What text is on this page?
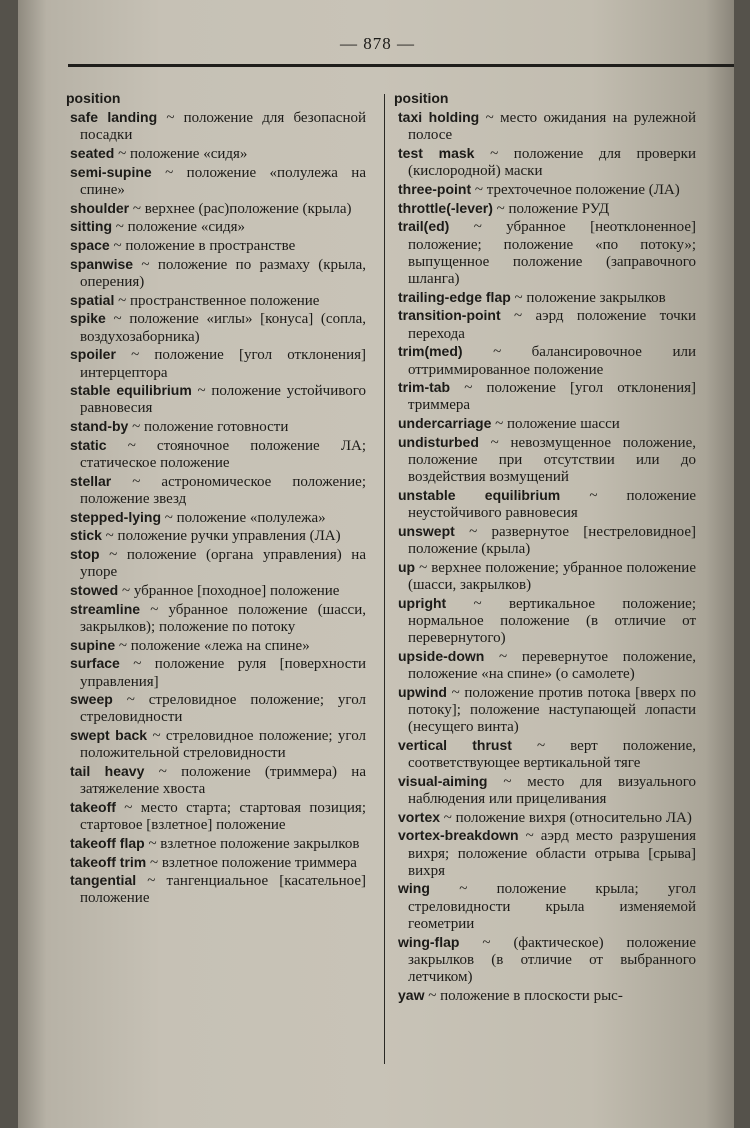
— 878 —
position
safe landing ~ положение для безопасной посадки
seated ~ положение «сидя»
semi-supine ~ положение «полулежа на спине»
shoulder ~ верхнее (рас)положение (крыла)
sitting ~ положение «сидя»
space ~ положение в пространстве
spanwise ~ положение по размаху (крыла, оперения)
spatial ~ пространственное положение
spike ~ положение «иглы» [конуса] (сопла, воздухозаборника)
spoiler ~ положение [угол отклонения] интерцептора
stable equilibrium ~ положение устойчивого равновесия
stand-by ~ положение готовности
static ~ стояночное положение ЛА; статическое положение
stellar ~ астрономическое положение; положение звезд
stepped-lying ~ положение «полулежа»
stick ~ положение ручки управления (ЛА)
stop ~ положение (органа управления) на упоре
stowed ~ убранное [походное] положение
streamline ~ убранное положение (шасси, закрылков); положение по потоку
supine ~ положение «лежа на спине»
surface ~ положение руля [поверхности управления]
sweep ~ стреловидное положение; угол стреловидности
swept back ~ стреловидное положение; угол положительной стреловидности
tail heavy ~ положение (триммера) на затяжеление хвоста
takeoff ~ место старта; стартовая позиция; стартовое [взлетное] положение
takeoff flap ~ взлетное положение закрылков
takeoff trim ~ взлетное положение триммера
tangential ~ тангенциальное [касательное] положение
position
taxi holding ~ место ожидания на рулежной полосе
test mask ~ положение для проверки (кислородной) маски
three-point ~ трехточечное положение (ЛА)
throttle(-lever) ~ положение РУД
trail(ed) ~ убранное [неотклоненное] положение; положение «по потоку»; выпущенное положение (заправочного шланга)
trailing-edge flap ~ положение закрылков
transition-point ~ аэрд положение точки перехода
trim(med) ~ балансировочное или оттриммированное положение
trim-tab ~ положение [угол отклонения] триммера
undercarriage ~ положение шасси
undisturbed ~ невозмущенное положение, положение при отсутствии или до воздействия возмущений
unstable equilibrium ~ положение неустойчивого равновесия
unswept ~ развернутое [нестреловидное] положение (крыла)
up ~ верхнее положение; убранное положение (шасси, закрылков)
upright ~ вертикальное положение; нормальное положение (в отличие от перевернутого)
upside-down ~ перевернутое положение, положение «на спине» (о самолете)
upwind ~ положение против потока [вверх по потоку]; положение наступающей лопасти (несущего винта)
vertical thrust ~ верт положение, соответствующее вертикальной тяге
visual-aiming ~ место для визуального наблюдения или прицеливания
vortex ~ положение вихря (относительно ЛА)
vortex-breakdown ~ аэрд место разрушения вихря; положение области отрыва [срыва] вихря
wing ~ положение крыла; угол стреловидности крыла изменяемой геометрии
wing-flap ~ (фактическое) положение закрылков (в отличие от выбранного летчиком)
yaw ~ положение в плоскости рыс-
